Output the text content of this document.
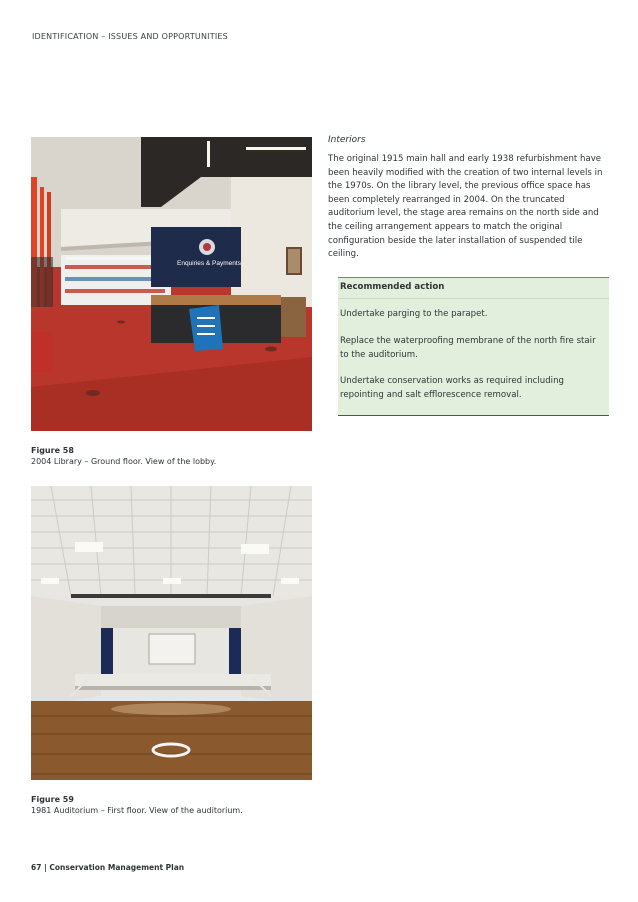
IDENTIFICATION – ISSUES AND OPPORTUNITIES
Enquiries & Payments
Figure 58
2004 Library – Ground floor. View of the lobby.
Figure 59
1981 Auditorium – First floor. View of the auditorium.
Interiors
The original 1915 main hall and early 1938 refurbishment have been heavily modified with the creation of two internal levels in the 1970s. On the library level, the previous office space has been completely rearranged in 2004. On the truncated auditorium level, the stage area remains on the north side and the ceiling arrangement appears to match the original configuration beside the later installation of suspended tile ceiling.
Recommended action
Undertake parging to the parapet.
Replace the waterproofing membrane of the north fire stair to the auditorium.
Undertake conservation works as required including repointing and salt efflorescence removal.
67 | Conservation Management Plan
